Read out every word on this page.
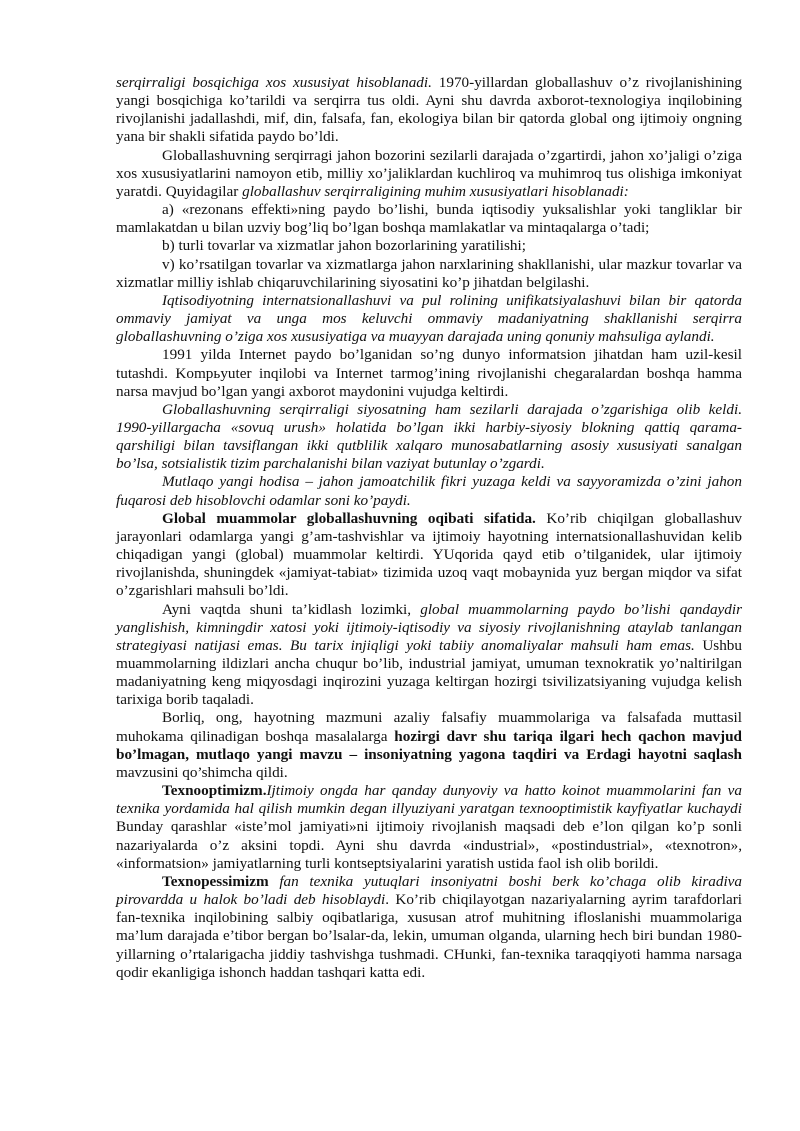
serqirraligi bosqichiga xos xususiyat hisoblanadi. 1970-yillardan globallashuv o’z rivojlanishining yangi bosqichiga ko’tarildi va serqirra tus oldi. Ayni shu davrda axborot-texnologiya inqilobining rivojlanishi jadallashdi, mif, din, falsafa, fan, ekologiya bilan bir qatorda global ong ijtimoiy ongning yana bir shakli sifatida paydo bo’ldi.

Globallashuvning serqirragi jahon bozorini sezilarli darajada o’zgartirdi, jahon xo’jaligi o’ziga xos xususiyatlarini namoyon etib, milliy xo’jaliklardan kuchliroq va muhimroq tus olishiga imkoniyat yaratdi. Quyidagilar globallashuv serqirraligining muhim xususiyatlari hisoblanadi:

a) «rezonans effekti»ning paydo bo’lishi, bunda iqtisodiy yuksalishlar yoki tangliklar bir mamlakatdan u bilan uzviy bog’liq bo’lgan boshqa mamlakatlar va mintaqalarga o’tadi;

b) turli tovarlar va xizmatlar jahon bozorlarining yaratilishi;

v) ko’rsatilgan tovarlar va xizmatlarga jahon narxlarining shakllanishi, ular mazkur tovarlar va xizmatlar milliy ishlab chiqaruvchilarining siyosatini ko’p jihatdan belgilashi.

Iqtisodiyotning internatsionallashuvi va pul rolining unifikatsiyalashuvi bilan bir qatorda ommaviy jamiyat va unga mos keluvchi ommaviy madaniyatning shakllanishi serqirra globallashuvning o’ziga xos xususiyatiga va muayyan darajada uning qonuniy mahsuliga aylandi.

1991 yilda Internet paydo bo’lganidan so’ng dunyo informatsion jihatdan ham uzil-kesil tutashdi. Komрьyuter inqilobi va Internet tarmog’ining rivojlanishi chegaralardan boshqa hamma narsa mavjud bo’lgan yangi axborot maydonini vujudga keltirdi.

Globallashuvning serqirraligi siyosatning ham sezilarli darajada o’zgarishiga olib keldi. 1990-yillargacha «sovuq urush» holatida bo’lgan ikki harbiy-siyosiy blokning qattiq qarama-qarshiligi bilan tavsiflangan ikki qutblilik xalqaro munosabatlarning asosiy xususiyati sanalgan bo’lsa, sotsialistik tizim parchalanishi bilan vaziyat butunlay o’zgardi.

Mutlaqo yangi hodisa – jahon jamoatchilik fikri yuzaga keldi va sayyoramizda o’zini jahon fuqarosi deb hisoblovchi odamlar soni ko’paydi.

Global muammolar globallashuvning oqibati sifatida. Ko’rib chiqilgan globallashuv jarayonlari odamlarga yangi g’am-tashvishlar va ijtimoiy hayotning internatsionallashuvidan kelib chiqadigan yangi (global) muammolar keltirdi. YUqorida qayd etib o’tilganidek, ular ijtimoiy rivojlanishda, shuningdek «jamiyat-tabiat» tizimida uzoq vaqt mobaynida yuz bergan miqdor va sifat o’zgarishlari mahsuli bo’ldi.

Ayni vaqtda shuni ta’kidlash lozimki, global muammolarning paydo bo’lishi qandaydir yanglishish, kimningdir xatosi yoki ijtimoiy-iqtisodiy va siyosiy rivojlanishning ataylab tanlangan strategiyasi natijasi emas. Bu tarix injiqligi yoki tabiiy anomaliyalar mahsuli ham emas. Ushbu muammolarning ildizlari ancha chuqur bo’lib, industrial jamiyat, umuman texnokratik yo’naltirilgan madaniyatning keng miqyosdagi inqirozini yuzaga keltirgan hozirgi tsivilizatsiyaning vujudga kelish tarixiga borib taqaladi.

Borliq, ong, hayotning mazmuni azaliy falsafiy muammolariga va falsafada muttasil muhokama qilinadigan boshqa masalalarga hozirgi davr shu tariqa ilgari hech qachon mavjud bo’lmagan, mutlaqo yangi mavzu – insoniyatning yagona taqdiri va Erdagi hayotni saqlash mavzusini qo’shimcha qildi.

Texnooptimizm.Ijtimoiy ongda har qanday dunyoviy va hatto koinot muammolarini fan va texnika yordamida hal qilish mumkin degan illyuziyani yaratgan texnooptimistik kayfiyatlar kuchaydi Bunday qarashlar «iste’mol jamiyati»ni ijtimoiy rivojlanish maqsadi deb e’lon qilgan ko’p sonli nazariyalarda o’z aksini topdi. Ayni shu davrda «industrial», «postindustrial», «texnotron», «informatsion» jamiyatlarning turli kontseptsiyalarini yaratish ustida faol ish olib borildi.

Texnopessimizm fan texnika yutuqlari insoniyatni boshi berk ko’chaga olib kiradiva pirovardda u halok bo’ladi deb hisoblaydi. Ko’rib chiqilayotgan nazariyalarning ayrim tarafdorlari fan-texnika inqilobining salbiy oqibatlariga, xususan atrof muhitning ifloslanishi muammolariga ma’lum darajada e’tibor bergan bo’lsalar-da, lekin, umuman olganda, ularning hech biri bundan 1980-yillarning o’rtalarigacha jiddiy tashvishga tushmadi. CHunki, fan-texnika taraqqiyoti hamma narsaga qodir ekanligiga ishonch haddan tashqari katta edi.
